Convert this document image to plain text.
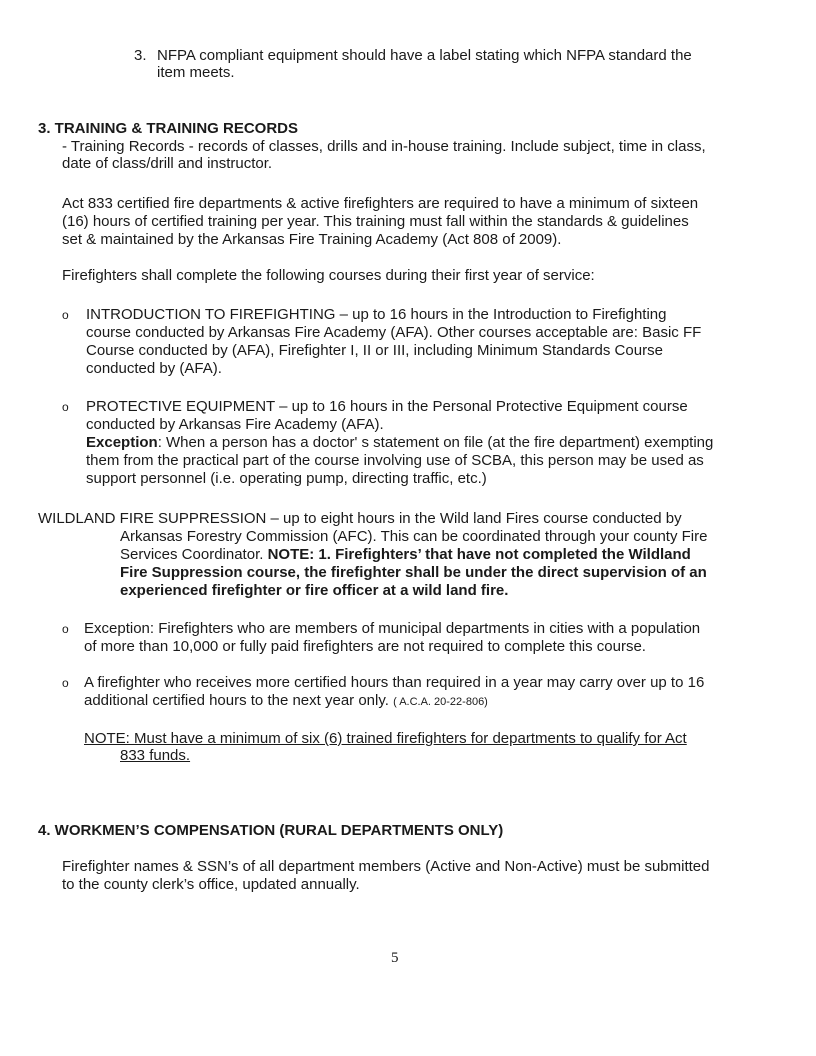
3. NFPA compliant equipment should have a label stating which NFPA standard the
item meets.
3. TRAINING & TRAINING RECORDS
- Training Records - records of classes, drills and in-house training. Include subject, time in class,
date of class/drill and instructor.
Act 833 certified fire departments & active firefighters are required to have a minimum of sixteen
(16) hours of certified training per year. This training must fall within the standards & guidelines
set & maintained by the Arkansas Fire Training Academy (Act 808 of 2009).
Firefighters shall complete the following courses during their first year of service:
o INTRODUCTION TO FIREFIGHTING – up to 16 hours in the Introduction to Firefighting
course conducted by Arkansas Fire Academy (AFA). Other courses acceptable are: Basic FF
Course conducted by (AFA), Firefighter I, II or III, including Minimum Standards Course
conducted by (AFA).
o PROTECTIVE EQUIPMENT – up to 16 hours in the Personal Protective Equipment course
conducted by Arkansas Fire Academy (AFA).
Exception: When a person has a doctor' s statement on file (at the fire department) exempting
them from the practical part of the course involving use of SCBA, this person may be used as
support personnel (i.e. operating pump, directing traffic, etc.)
WILDLAND FIRE SUPPRESSION – up to eight hours in the Wild land Fires course conducted by
Arkansas Forestry Commission (AFC). This can be coordinated through your county Fire
Services Coordinator. NOTE: 1. Firefighters’ that have not completed the Wildland
Fire Suppression course, the firefighter shall be under the direct supervision of an
experienced firefighter or fire officer at a wild land fire.
o Exception: Firefighters who are members of municipal departments in cities with a population
of more than 10,000 or fully paid firefighters are not required to complete this course.
o A firefighter who receives more certified hours than required in a year may carry over up to 16
additional certified hours to the next year only. ( A.C.A. 20-22-806)
NOTE: Must have a minimum of six (6) trained firefighters for departments to qualify for Act
833 funds.
4. WORKMEN’S COMPENSATION (RURAL DEPARTMENTS ONLY)
Firefighter names & SSN’s of all department members (Active and Non-Active) must be submitted
to the county clerk’s office, updated annually.
5
